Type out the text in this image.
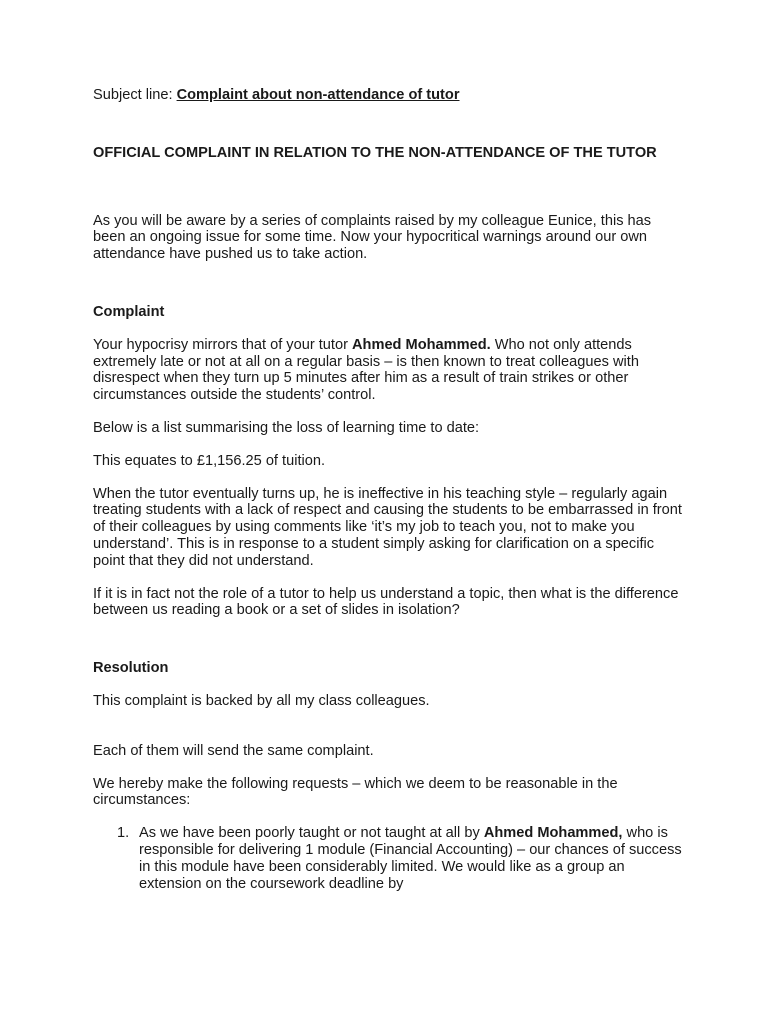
Subject line: Complaint about non-attendance of tutor

OFFICIAL COMPLAINT IN RELATION TO THE NON-ATTENDANCE OF THE TUTOR

As you will be aware by a series of complaints raised by my colleague Eunice, this has been an ongoing issue for some time. Now your hypocritical warnings around our own attendance have pushed us to take action.

Complaint

Your hypocrisy mirrors that of your tutor Ahmed Mohammed. Who not only attends extremely late or not at all on a regular basis – is then known to treat colleagues with disrespect when they turn up 5 minutes after him as a result of train strikes or other circumstances outside the students’ control.

Below is a list summarising the loss of learning time to date:

This equates to £1,156.25 of tuition.

When the tutor eventually turns up, he is ineffective in his teaching style – regularly again treating students with a lack of respect and causing the students to be embarrassed in front of their colleagues by using comments like ‘it’s my job to teach you, not to make you understand’. This is in response to a student simply asking for clarification on a specific point that they did not understand.

If it is in fact not the role of a tutor to help us understand a topic, then what is the difference between us reading a book or a set of slides in isolation?

Resolution

This complaint is backed by all my class colleagues.

Each of them will send the same complaint.

We hereby make the following requests – which we deem to be reasonable in the circumstances:

1. As we have been poorly taught or not taught at all by Ahmed Mohammed, who is responsible for delivering 1 module (Financial Accounting) – our chances of success in this module have been considerably limited. We would like as a group an extension on the coursework deadline by
